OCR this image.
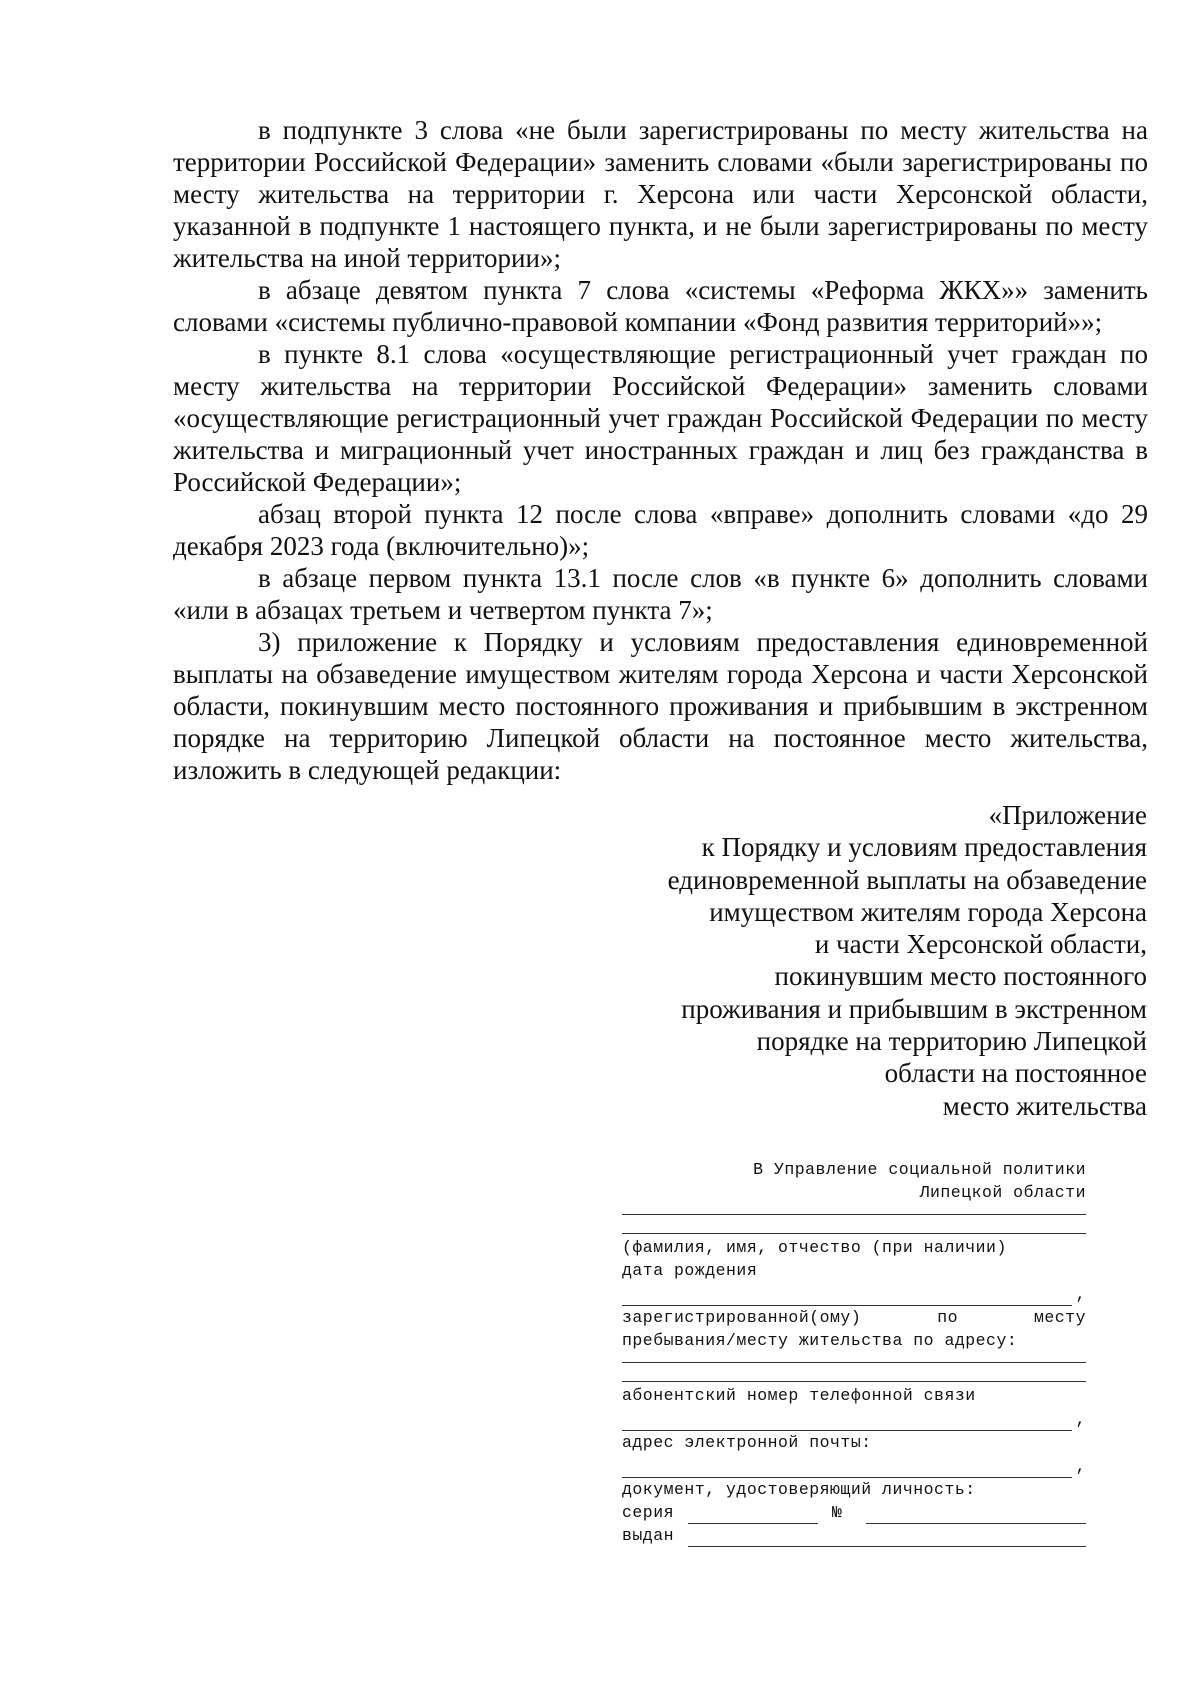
в подпункте 3 слова «не были зарегистрированы по месту жительства на территории Российской Федерации» заменить словами «были зарегистрированы по месту жительства на территории г. Херсона или части Херсонской области, указанной в подпункте 1 настоящего пункта, и не были зарегистрированы по месту жительства на иной территории»;

в абзаце девятом пункта 7 слова «системы «Реформа ЖКХ»» заменить словами «системы публично-правовой компании «Фонд развития территорий»»;

в пункте 8.1 слова «осуществляющие регистрационный учет граждан по месту жительства на территории Российской Федерации» заменить словами «осуществляющие регистрационный учет граждан Российской Федерации по месту жительства и миграционный учет иностранных граждан и лиц без гражданства в Российской Федерации»;

абзац второй пункта 12 после слова «вправе» дополнить словами «до 29 декабря 2023 года (включительно)»;

в абзаце первом пункта 13.1 после слов «в пункте 6» дополнить словами «или в абзацах третьем и четвертом пункта 7»;

3) приложение к Порядку и условиям предоставления единовременной выплаты на обзаведение имуществом жителям города Херсона и части Херсонской области, покинувшим место постоянного проживания и прибывшим в экстренном порядке на территорию Липецкой области на постоянное место жительства, изложить в следующей редакции:

«Приложение
к Порядку и условиям предоставления
единовременной выплаты на обзаведение
имуществом жителям города Херсона
и части Херсонской области,
покинувшим место постоянного
проживания и прибывшим в экстренном
порядке на территорию Липецкой
области на постоянное
место жительства
В Управление социальной политики
Липецкой области
(фамилия, имя, отчество (при наличии)
дата рождения
,
зарегистрированной(ому)	по	месту
пребывания/месту жительства по адресу:
абонентский номер телефонной связи
,
адрес электронной почты:
,
документ, удостоверяющий личность:
серия	№
выдан
